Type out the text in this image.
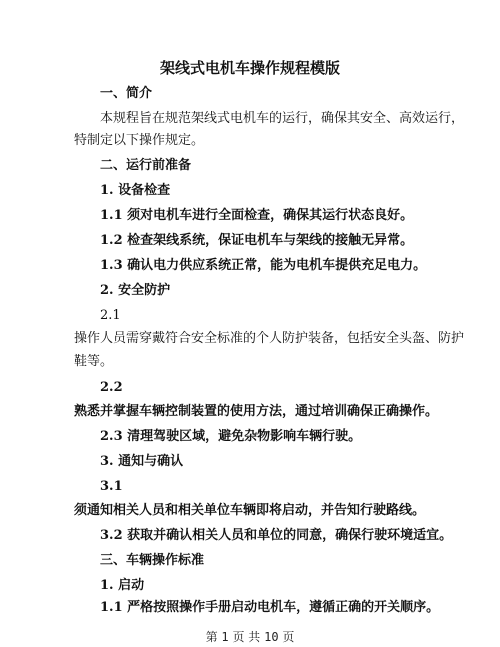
架线式电机车操作规程模版
一、简介
本规程旨在规范架线式电机车的运行，确保其安全、高效运行，
特制定以下操作规定。
二、运行前准备
1. 设备检查
1.1 须对电机车进行全面检查，确保其运行状态良好。
1.2 检查架线系统，保证电机车与架线的接触无异常。
1.3 确认电力供应系统正常，能为电机车提供充足电力。
2. 安全防护
2.1
操作人员需穿戴符合安全标准的个人防护装备，包括安全头盔、防护
鞋等。
2.2
熟悉并掌握车辆控制装置的使用方法，通过培训确保正确操作。
2.3 清理驾驶区域，避免杂物影响车辆行驶。
3. 通知与确认
3.1
须通知相关人员和相关单位车辆即将启动，并告知行驶路线。
3.2 获取并确认相关人员和单位的同意，确保行驶环境适宜。
三、车辆操作标准
1. 启动
1.1 严格按照操作手册启动电机车，遵循正确的开关顺序。
第 1 页 共 10 页
